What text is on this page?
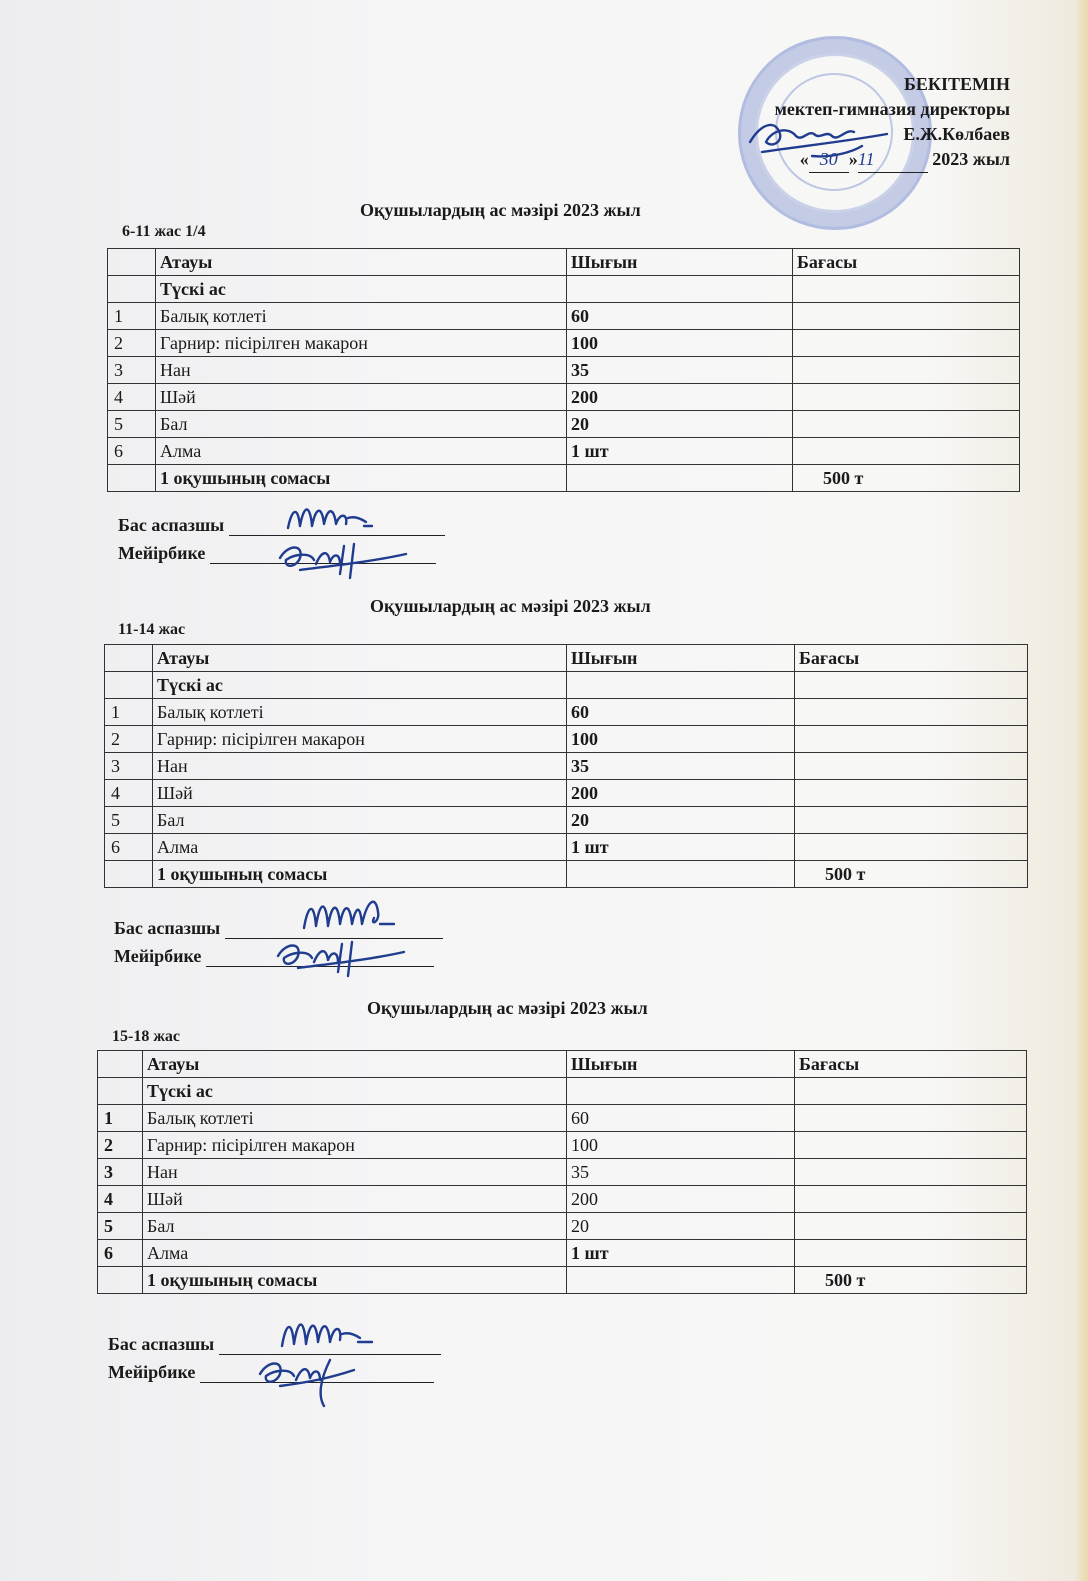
БЕКІТЕМІН
мектеп-гимназия директоры
Е.Ж.Көлбаев
« 30 »11	2023 жыл
Оқушылардың ас мәзірі 2023 жыл
6-11 жас 1/4
	Атауы	Шығын	Бағасы
	Түскі ас		
1	Балық котлеті	60	
2	Гарнир: пісірілген макарон	100	
3	Нан	35	
4	Шәй	200	
5	Бал	20	
6	Алма	1 шт	
	1 оқушының сомасы		500 т
Бас аспазшы
Мейірбике
Оқушылардың ас мәзірі 2023 жыл
11-14 жас
	Атауы	Шығын	Бағасы
	Түскі ас		
1	Балық котлеті	60	
2	Гарнир: пісірілген макарон	100	
3	Нан	35	
4	Шәй	200	
5	Бал	20	
6	Алма	1 шт	
	1 оқушының сомасы		500 т
Бас аспазшы
Мейірбике
Оқушылардың ас мәзірі 2023 жыл
15-18 жас
	Атауы	Шығын	Бағасы
	Түскі ас		
1	Балық котлеті	60	
2	Гарнир: пісірілген макарон	100	
3	Нан	35	
4	Шәй	200	
5	Бал	20	
6	Алма	1 шт	
	1 оқушының сомасы		500 т
Бас аспазшы
Мейірбике
